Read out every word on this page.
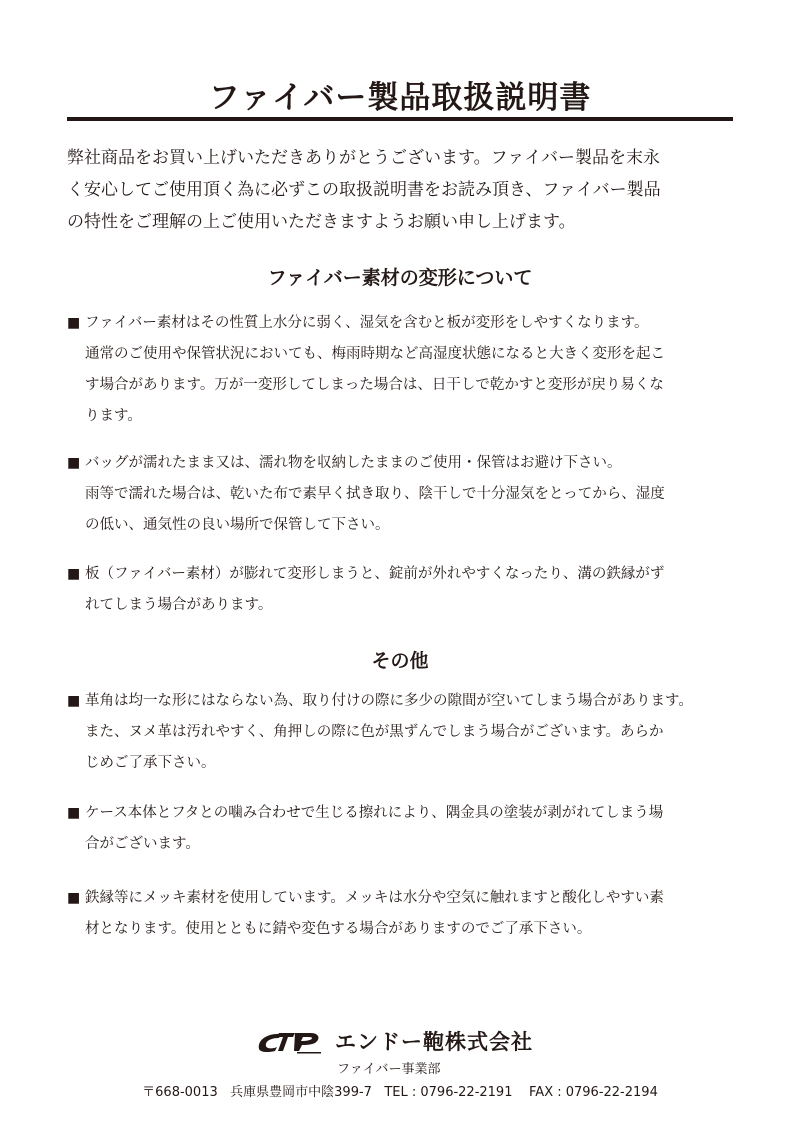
ファイバー製品取扱説明書

弊社商品をお買い上げいただきありがとうございます。ファイバー製品を末永
く安心してご使用頂く為に必ずこの取扱説明書をお読み頂き、ファイバー製品
の特性をご理解の上ご使用いただきますようお願い申し上げます。

ファイバー素材の変形について
■ ファイバー素材はその性質上水分に弱く、湿気を含むと板が変形をしやすくなります。
通常のご使用や保管状況においても、梅雨時期など高湿度状態になると大きく変形を起こ
す場合があります。万が一変形してしまった場合は、日干しで乾かすと変形が戻り易くな
ります。
■ バッグが濡れたまま又は、濡れ物を収納したままのご使用・保管はお避け下さい。
雨等で濡れた場合は、乾いた布で素早く拭き取り、陰干しで十分湿気をとってから、湿度
の低い、通気性の良い場所で保管して下さい。
■ 板（ファイバー素材）が膨れて変形しまうと、錠前が外れやすくなったり、溝の鉄縁がず
れてしまう場合があります。
その他
■ 革角は均一な形にはならない為、取り付けの際に多少の隙間が空いてしまう場合があります。
また、ヌメ革は汚れやすく、角押しの際に色が黒ずんでしまう場合がございます。あらか
じめご了承下さい。
■ ケース本体とフタとの噛み合わせで生じる擦れにより、隅金具の塗装が剥がれてしまう場
合がございます。
■ 鉄縁等にメッキ素材を使用しています。メッキは水分や空気に触れますと酸化しやすい素
材となります。使用とともに錆や変色する場合がありますのでご了承下さい。
エンドー鞄株式会社
ファイバー事業部
〒668-0013 兵庫県豊岡市中陰399-7 TEL : 0796-22-2191 FAX : 0796-22-2194
